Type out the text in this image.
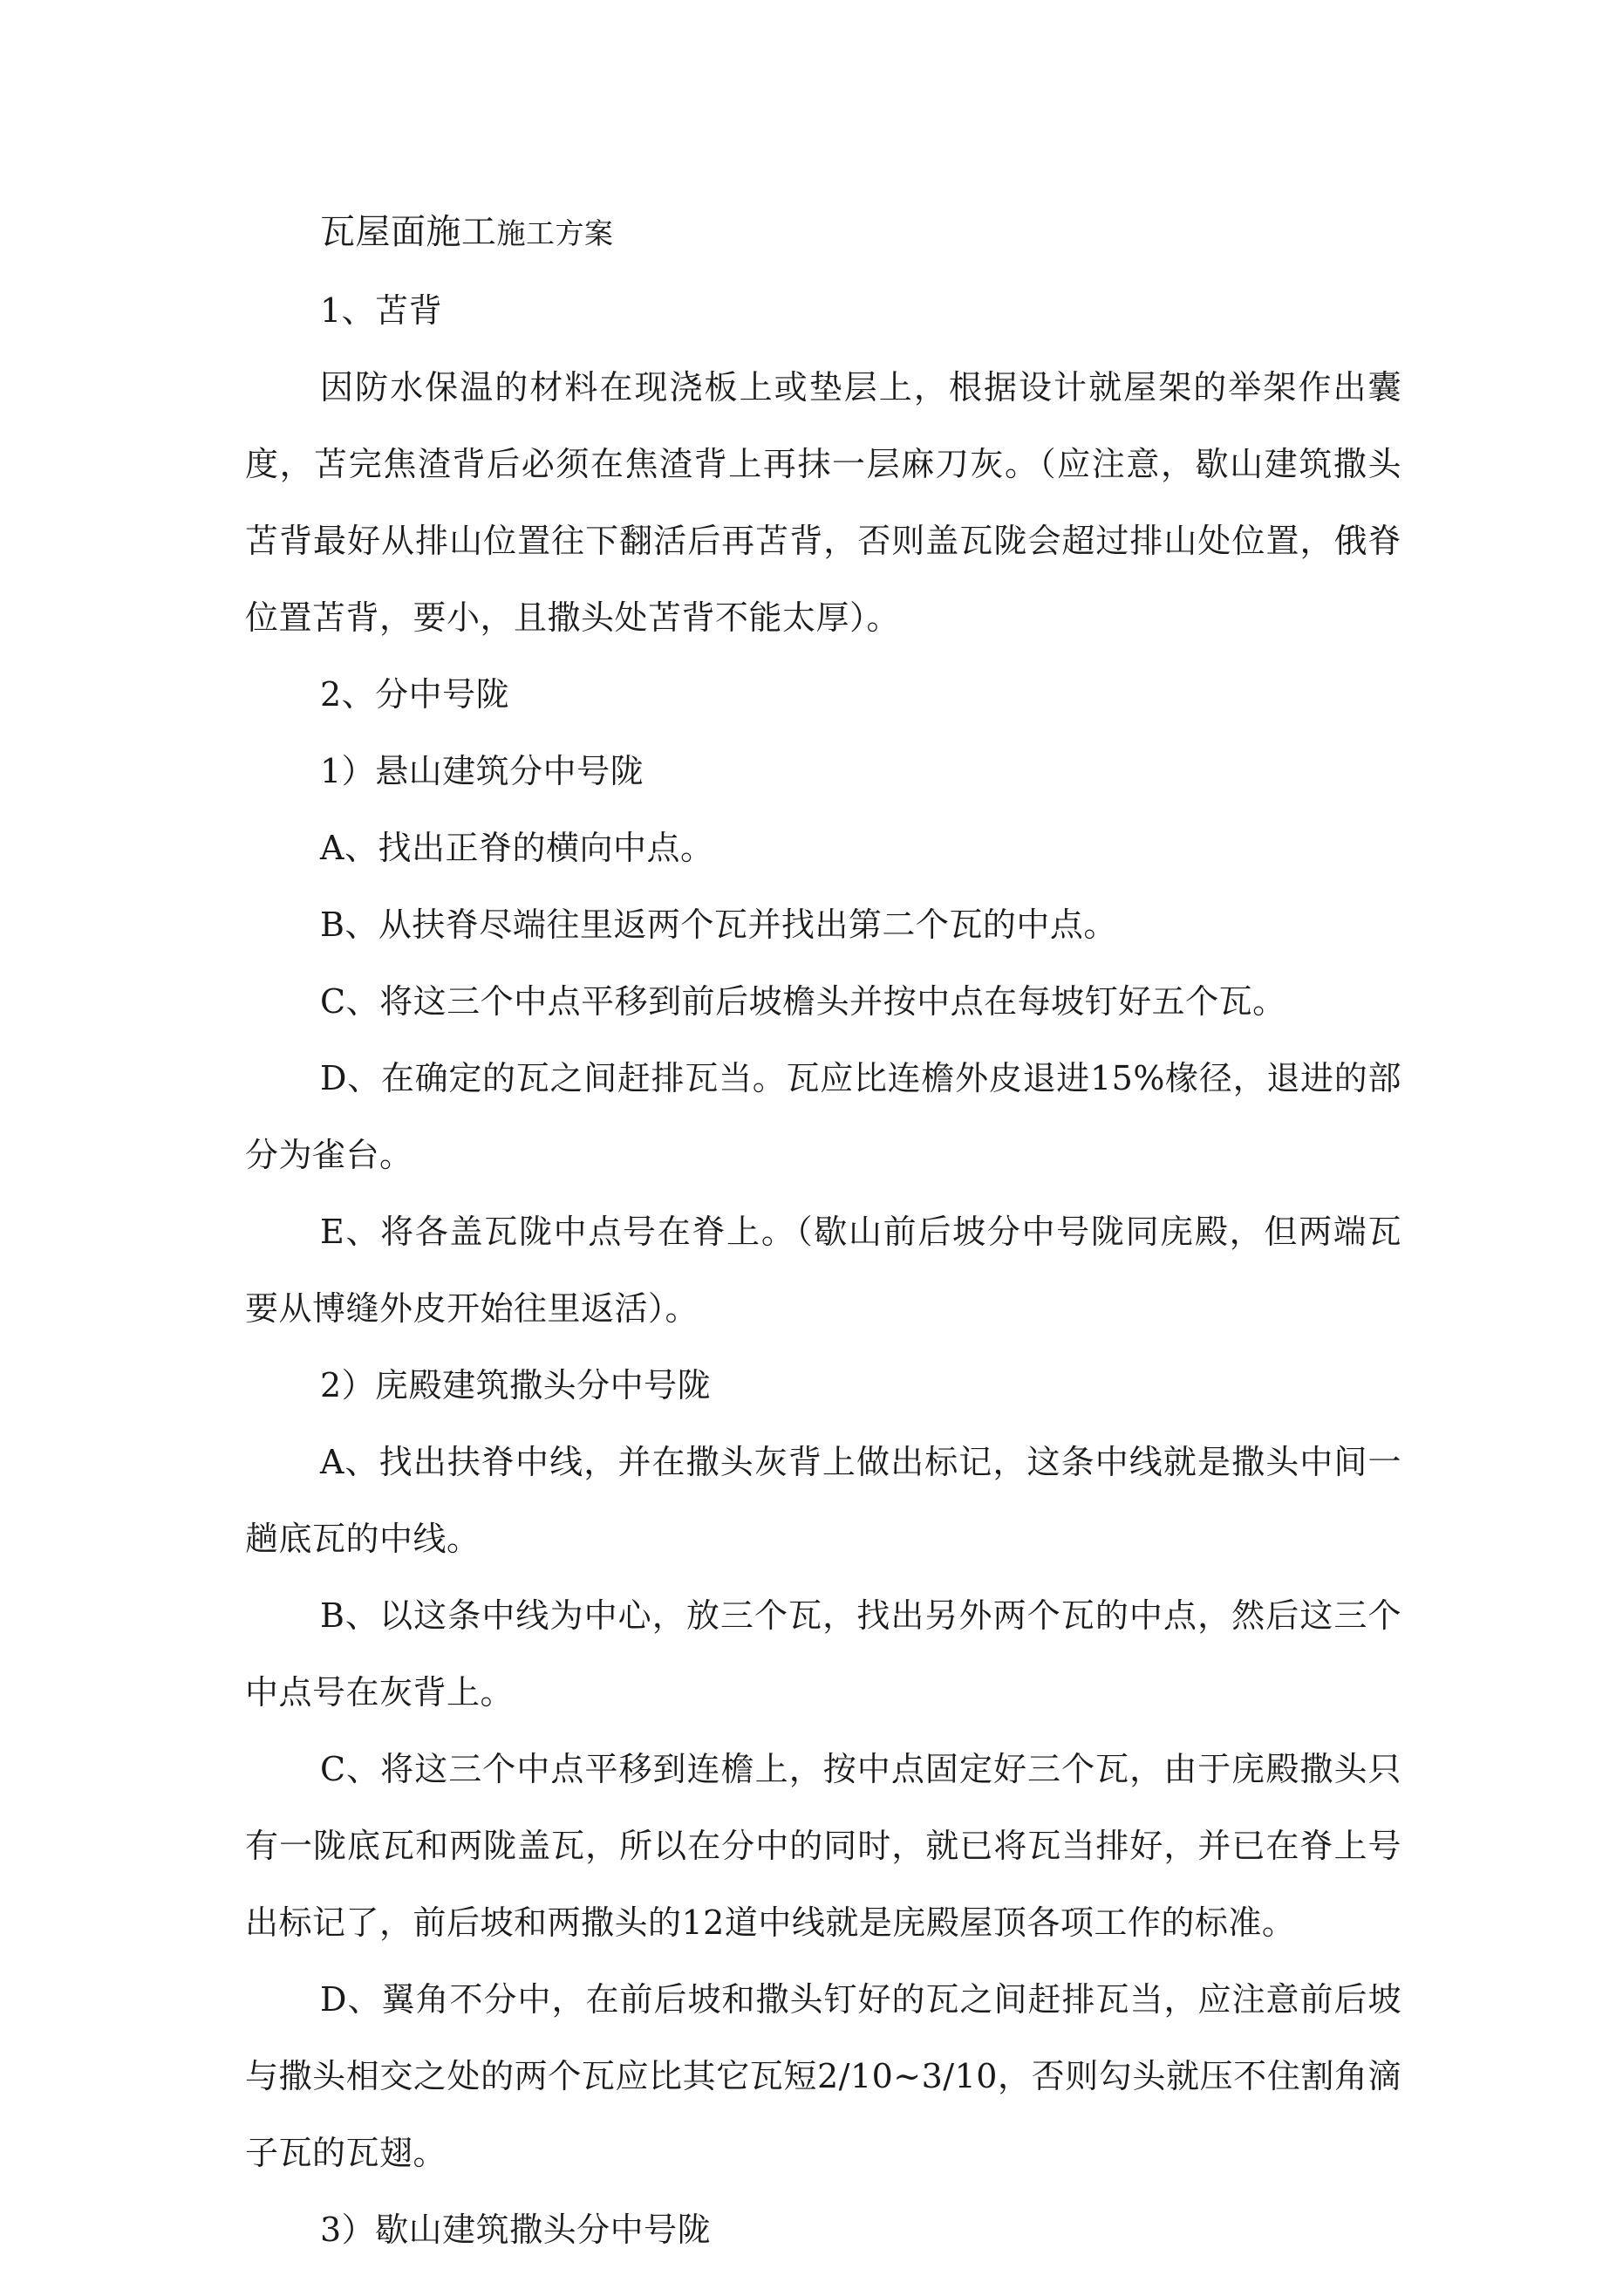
瓦屋面施工施工方案

1、苫背

因防水保温的材料在现浇板上或垫层上，根据设计就屋架的举架作出囊度，苫完焦渣背后必须在焦渣背上再抹一层麻刀灰。（应注意，歇山建筑撒头苫背最好从排山位置往下翻活后再苫背，否则盖瓦陇会超过排山处位置，俄脊位置苫背，要小，且撒头处苫背不能太厚）。

2、分中号陇

1）悬山建筑分中号陇

A、找出正脊的横向中点。

B、从扶脊尽端往里返两个瓦并找出第二个瓦的中点。

C、将这三个中点平移到前后坡檐头并按中点在每坡钉好五个瓦。

D、在确定的瓦之间赶排瓦当。瓦应比连檐外皮退进15%椽径，退进的部分为雀台。

E、将各盖瓦陇中点号在脊上。（歇山前后坡分中号陇同庑殿，但两端瓦要从博缝外皮开始往里返活）。

2）庑殿建筑撒头分中号陇

A、找出扶脊中线，并在撒头灰背上做出标记，这条中线就是撒头中间一趟底瓦的中线。

B、以这条中线为中心，放三个瓦，找出另外两个瓦的中点，然后这三个中点号在灰背上。

C、将这三个中点平移到连檐上，按中点固定好三个瓦，由于庑殿撒头只有一陇底瓦和两陇盖瓦，所以在分中的同时，就已将瓦当排好，并已在脊上号出标记了，前后坡和两撒头的12道中线就是庑殿屋顶各项工作的标准。

D、翼角不分中，在前后坡和撒头钉好的瓦之间赶排瓦当，应注意前后坡与撒头相交之处的两个瓦应比其它瓦短2/10~3/10，否则勾头就压不住割角滴子瓦的瓦翅。

3）歇山建筑撒头分中号陇
